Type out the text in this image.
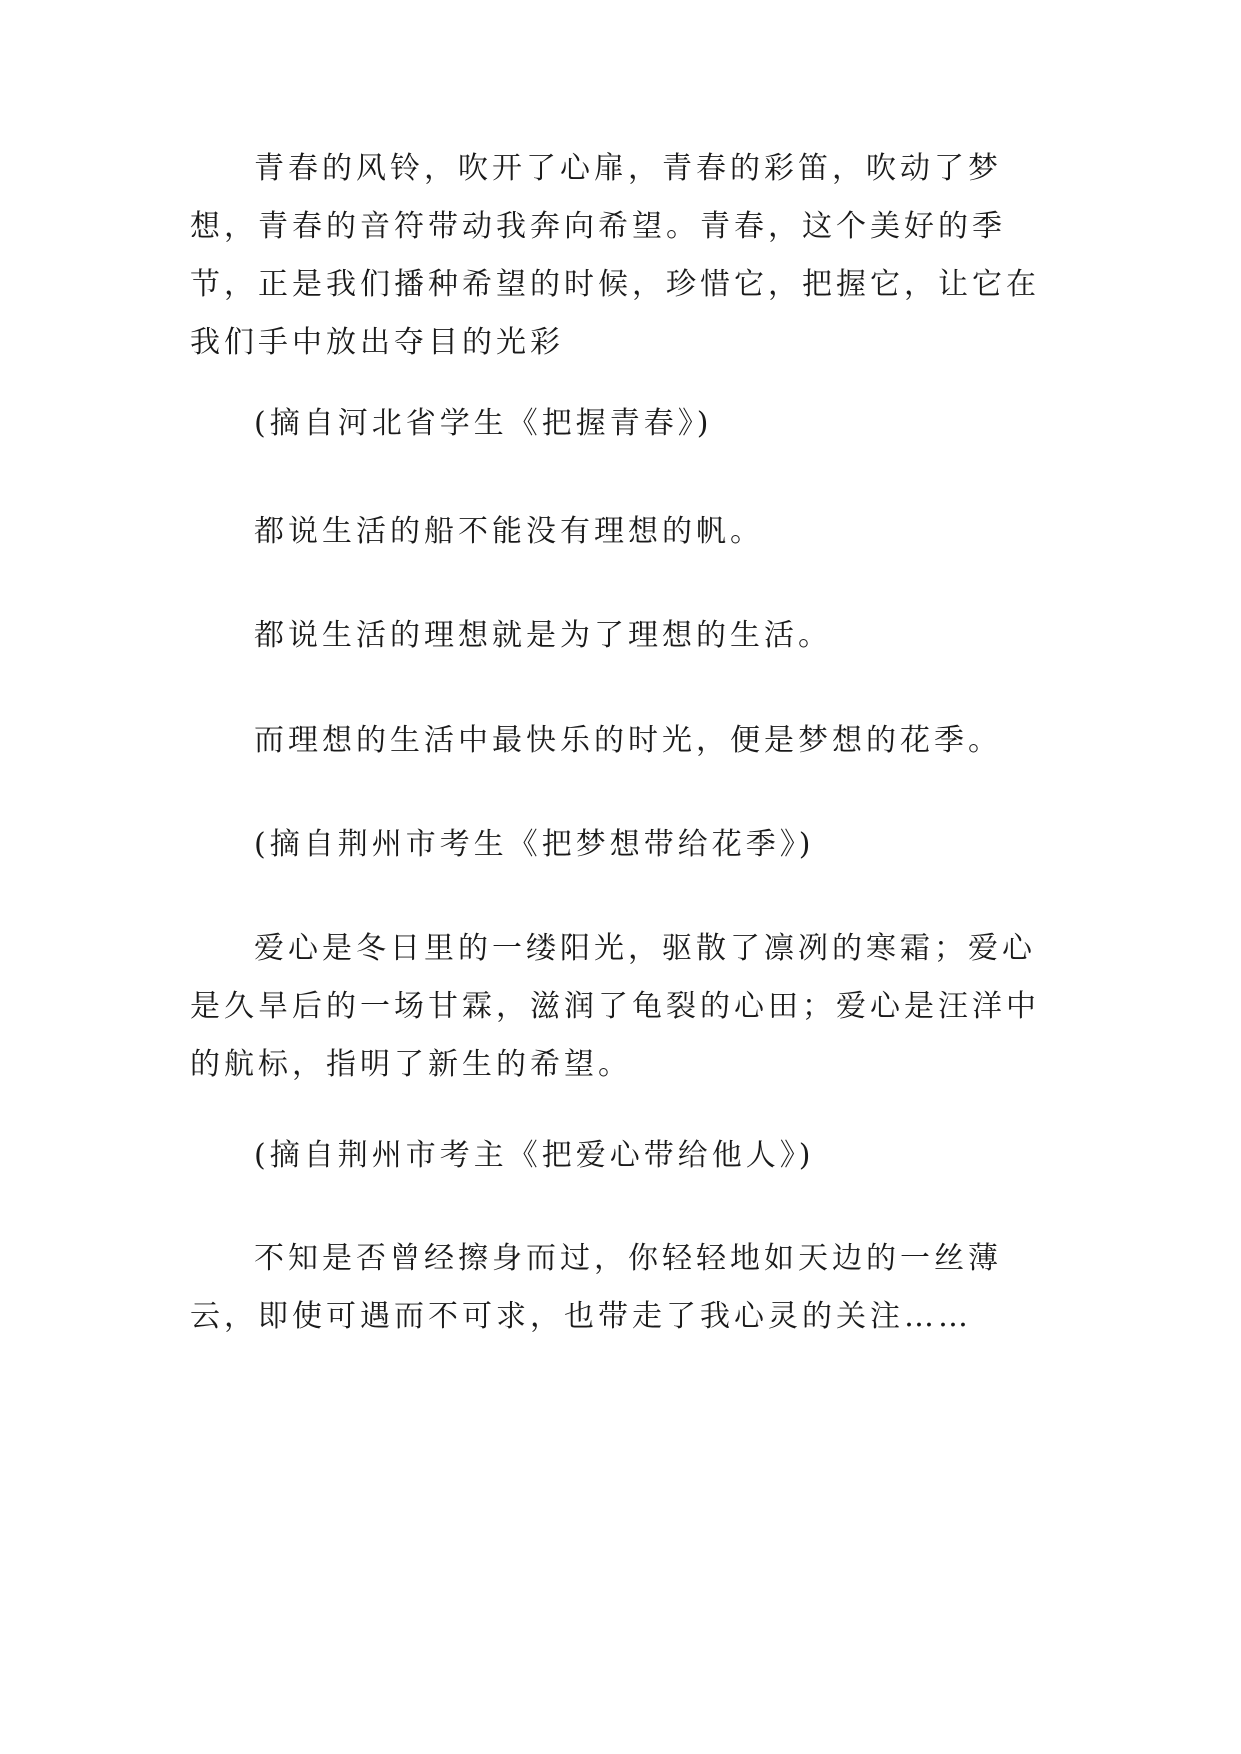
青春的风铃，吹开了心扉，青春的彩笛，吹动了梦想，青春的音符带动我奔向希望。青春，这个美好的季节，正是我们播种希望的时候，珍惜它，把握它，让它在我们手中放出夺目的光彩

(摘自河北省学生《把握青春》)

都说生活的船不能没有理想的帆。

都说生活的理想就是为了理想的生活。

而理想的生活中最快乐的时光，便是梦想的花季。

(摘自荆州市考生《把梦想带给花季》)

爱心是冬日里的一缕阳光，驱散了凛冽的寒霜；爱心是久旱后的一场甘霖，滋润了龟裂的心田；爱心是汪洋中的航标，指明了新生的希望。

(摘自荆州市考主《把爱心带给他人》)

不知是否曾经擦身而过，你轻轻地如天边的一丝薄云，即使可遇而不可求，也带走了我心灵的关注……
